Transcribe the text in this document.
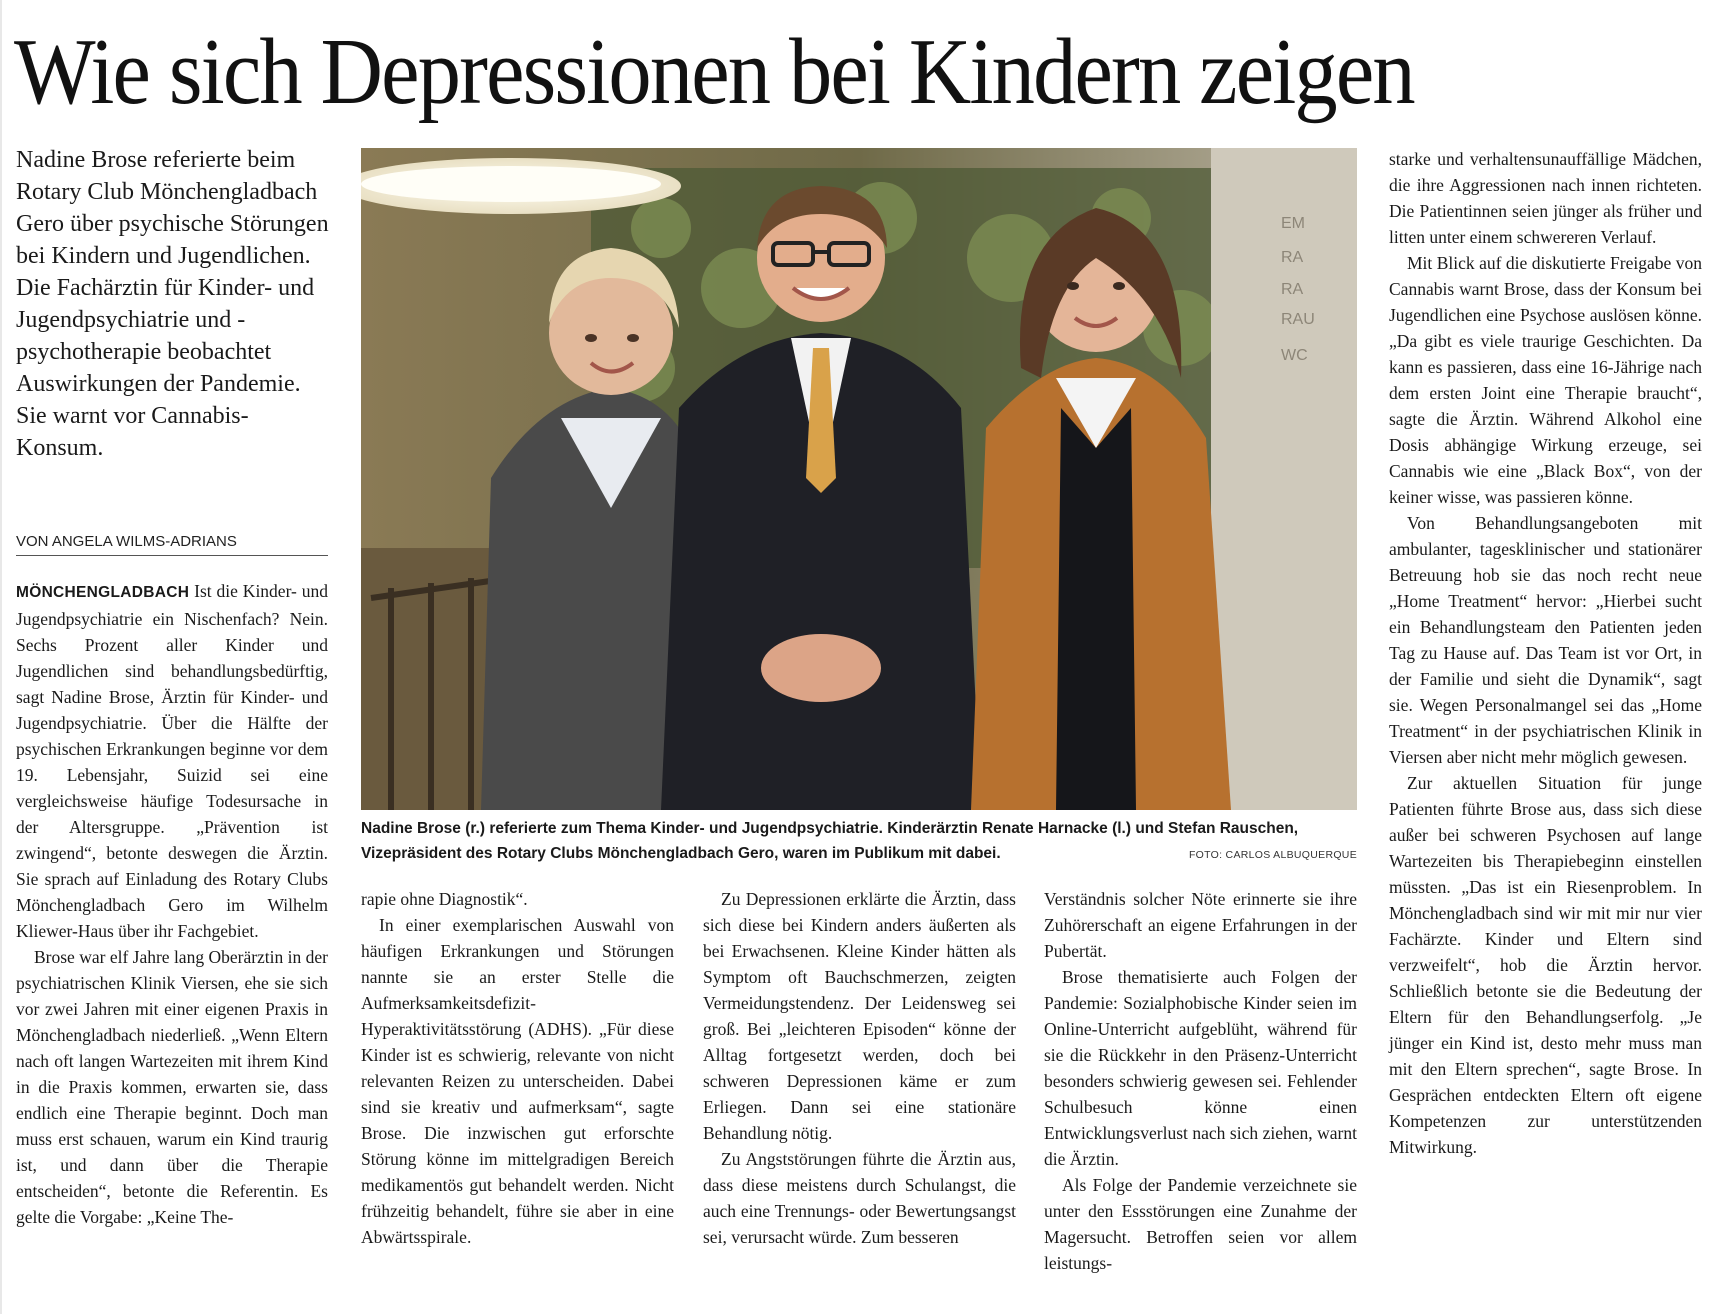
Wie sich Depressionen bei Kindern zeigen

Nadine Brose referierte beim Rotary Club Mönchengladbach Gero über psychische Störungen bei Kindern und Jugendlichen. Die Fachärztin für Kinder- und Jugendpsychiatrie und -psychotherapie beobachtet Auswirkungen der Pandemie. Sie warnt vor Cannabis-Konsum.

VON ANGELA WILMS-ADRIANS

MÖNCHENGLADBACH Ist die Kinder- und Jugendpsychiatrie ein Nischenfach? Nein. Sechs Prozent aller Kinder und Jugendlichen sind behandlungsbedürftig, sagt Nadine Brose, Ärztin für Kinder- und Jugendpsychiatrie. Über die Hälfte der psychischen Erkrankungen beginne vor dem 19. Lebensjahr, Suizid sei eine vergleichsweise häufige Todesursache in der Altersgruppe. „Prävention ist zwingend“, betonte deswegen die Ärztin. Sie sprach auf Einladung des Rotary Clubs Mönchengladbach Gero im Wilhelm Kliewer-Haus über ihr Fachgebiet.

Brose war elf Jahre lang Oberärztin in der psychiatrischen Klinik Viersen, ehe sie sich vor zwei Jahren mit einer eigenen Praxis in Mönchengladbach niederließ. „Wenn Eltern nach oft langen Wartezeiten mit ihrem Kind in die Praxis kommen, erwarten sie, dass endlich eine Therapie beginnt. Doch man muss erst schauen, warum ein Kind traurig ist, und dann über die Therapie entscheiden“, betonte die Referentin. Es gelte die Vorgabe: „Keine The-

EM
RA
RA
RAU
WC
Nadine Brose (r.) referierte zum Thema Kinder- und Jugendpsychiatrie. Kinderärztin Renate Harnacke (l.) und Stefan Rauschen, Vizepräsident des Rotary Clubs Mönchengladbach Gero, waren im Publikum mit dabei.	FOTO: CARLOS ALBUQUERQUE

rapie ohne Diagnostik“.

In einer exemplarischen Auswahl von häufigen Erkrankungen und Störungen nannte sie an erster Stelle die Aufmerksamkeitsdefizit-Hyperaktivitätsstörung (ADHS). „Für diese Kinder ist es schwierig, relevante von nicht relevanten Reizen zu unterscheiden. Dabei sind sie kreativ und aufmerksam“, sagte Brose. Die inzwischen gut erforschte Störung könne im mittelgradigen Bereich medikamentös gut behandelt werden. Nicht frühzeitig behandelt, führe sie aber in eine Abwärtsspirale.

Zu Depressionen erklärte die Ärztin, dass sich diese bei Kindern anders äußerten als bei Erwachsenen. Kleine Kinder hätten als Symptom oft Bauchschmerzen, zeigten Vermeidungstendenz. Der Leidensweg sei groß. Bei „leichteren Episoden“ könne der Alltag fortgesetzt werden, doch bei schweren Depressionen käme er zum Erliegen. Dann sei eine stationäre Behandlung nötig.

Zu Angststörungen führte die Ärztin aus, dass diese meistens durch Schulangst, die auch eine Trennungs- oder Bewertungsangst sei, verursacht würde. Zum besseren

Verständnis solcher Nöte erinnerte sie ihre Zuhörerschaft an eigene Erfahrungen in der Pubertät.

Brose thematisierte auch Folgen der Pandemie: Sozialphobische Kinder seien im Online-Unterricht aufgeblüht, während für sie die Rückkehr in den Präsenz-Unterricht besonders schwierig gewesen sei. Fehlender Schulbesuch könne einen Entwicklungsverlust nach sich ziehen, warnt die Ärztin.

Als Folge der Pandemie verzeichnete sie unter den Essstörungen eine Zunahme der Magersucht. Betroffen seien vor allem leistungs-

starke und verhaltensunauffällige Mädchen, die ihre Aggressionen nach innen richteten. Die Patientinnen seien jünger als früher und litten unter einem schwereren Verlauf.

Mit Blick auf die diskutierte Freigabe von Cannabis warnt Brose, dass der Konsum bei Jugendlichen eine Psychose auslösen könne. „Da gibt es viele traurige Geschichten. Da kann es passieren, dass eine 16-Jährige nach dem ersten Joint eine Therapie braucht“, sagte die Ärztin. Während Alkohol eine Dosis abhängige Wirkung erzeuge, sei Cannabis wie eine „Black Box“, von der keiner wisse, was passieren könne.

Von Behandlungsangeboten mit ambulanter, tagesklinischer und stationärer Betreuung hob sie das noch recht neue „Home Treatment“ hervor: „Hierbei sucht ein Behandlungsteam den Patienten jeden Tag zu Hause auf. Das Team ist vor Ort, in der Familie und sieht die Dynamik“, sagt sie. Wegen Personalmangel sei das „Home Treatment“ in der psychiatrischen Klinik in Viersen aber nicht mehr möglich gewesen.

Zur aktuellen Situation für junge Patienten führte Brose aus, dass sich diese außer bei schweren Psychosen auf lange Wartezeiten bis Therapiebeginn einstellen müssten. „Das ist ein Riesenproblem. In Mönchengladbach sind wir mit mir nur vier Fachärzte. Kinder und Eltern sind verzweifelt“, hob die Ärztin hervor. Schließlich betonte sie die Bedeutung der Eltern für den Behandlungserfolg. „Je jünger ein Kind ist, desto mehr muss man mit den Eltern sprechen“, sagte Brose. In Gesprächen entdeckten Eltern oft eigene Kompetenzen zur unterstützenden Mitwirkung.
